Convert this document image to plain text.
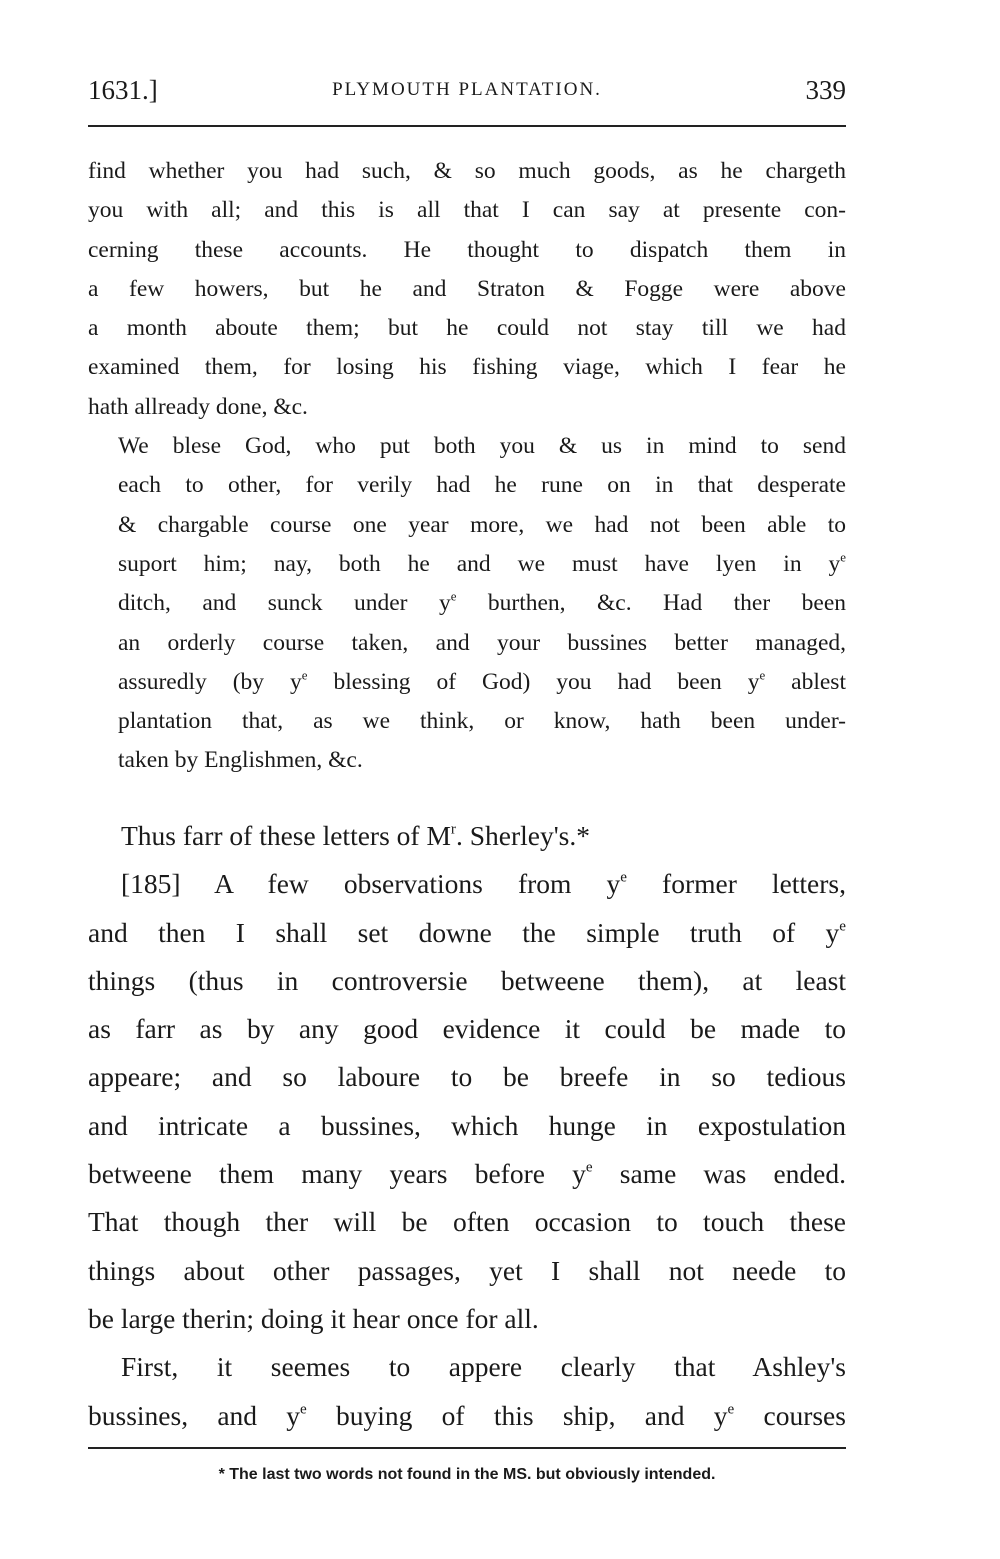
1631.]	PLYMOUTH PLANTATION.	339

find whether you had such, & so much goods, as he chargeth
you with all; and this is all that I can say at presente con-
cerning these accounts. He thought to dispatch them in
a few howers, but he and Straton & Fogge were above
a month aboute them; but he could not stay till we had
examined them, for losing his fishing viage, which I fear he
hath allready done, &c.

We blese God, who put both you & us in mind to send
each to other, for verily had he rune on in that desperate
& chargable course one year more, we had not been able to
suport him; nay, both he and we must have lyen in $y^e$
ditch, and sunck under $y^e$ burthen, &c. Had ther been
an orderly course taken, and your bussines better managed,
assuredly (by $y^e$ blessing of God) you had been $y^e$ ablest
plantation that, as we think, or know, hath been under-
taken by Englishmen, &c.

Thus farr of these letters of $M^r$. Sherley's.*

[185] A few observations from $y^e$ former letters,
and then I shall set downe the simple truth of $y^e$
things (thus in controversie betweene them), at least
as farr as by any good evidence it could be made to
appeare; and so laboure to be breefe in so tedious
and intricate a bussines, which hunge in expostulation
betweene them many years before $y^e$ same was ended.
That though ther will be often occasion to touch these
things about other passages, yet I shall not neede to
be large therin; doing it hear once for all.

First, it seemes to appere clearly that Ashley's
bussines, and $y^e$ buying of this ship, and $y^e$ courses

* The last two words not found in the MS. but obviously intended.
